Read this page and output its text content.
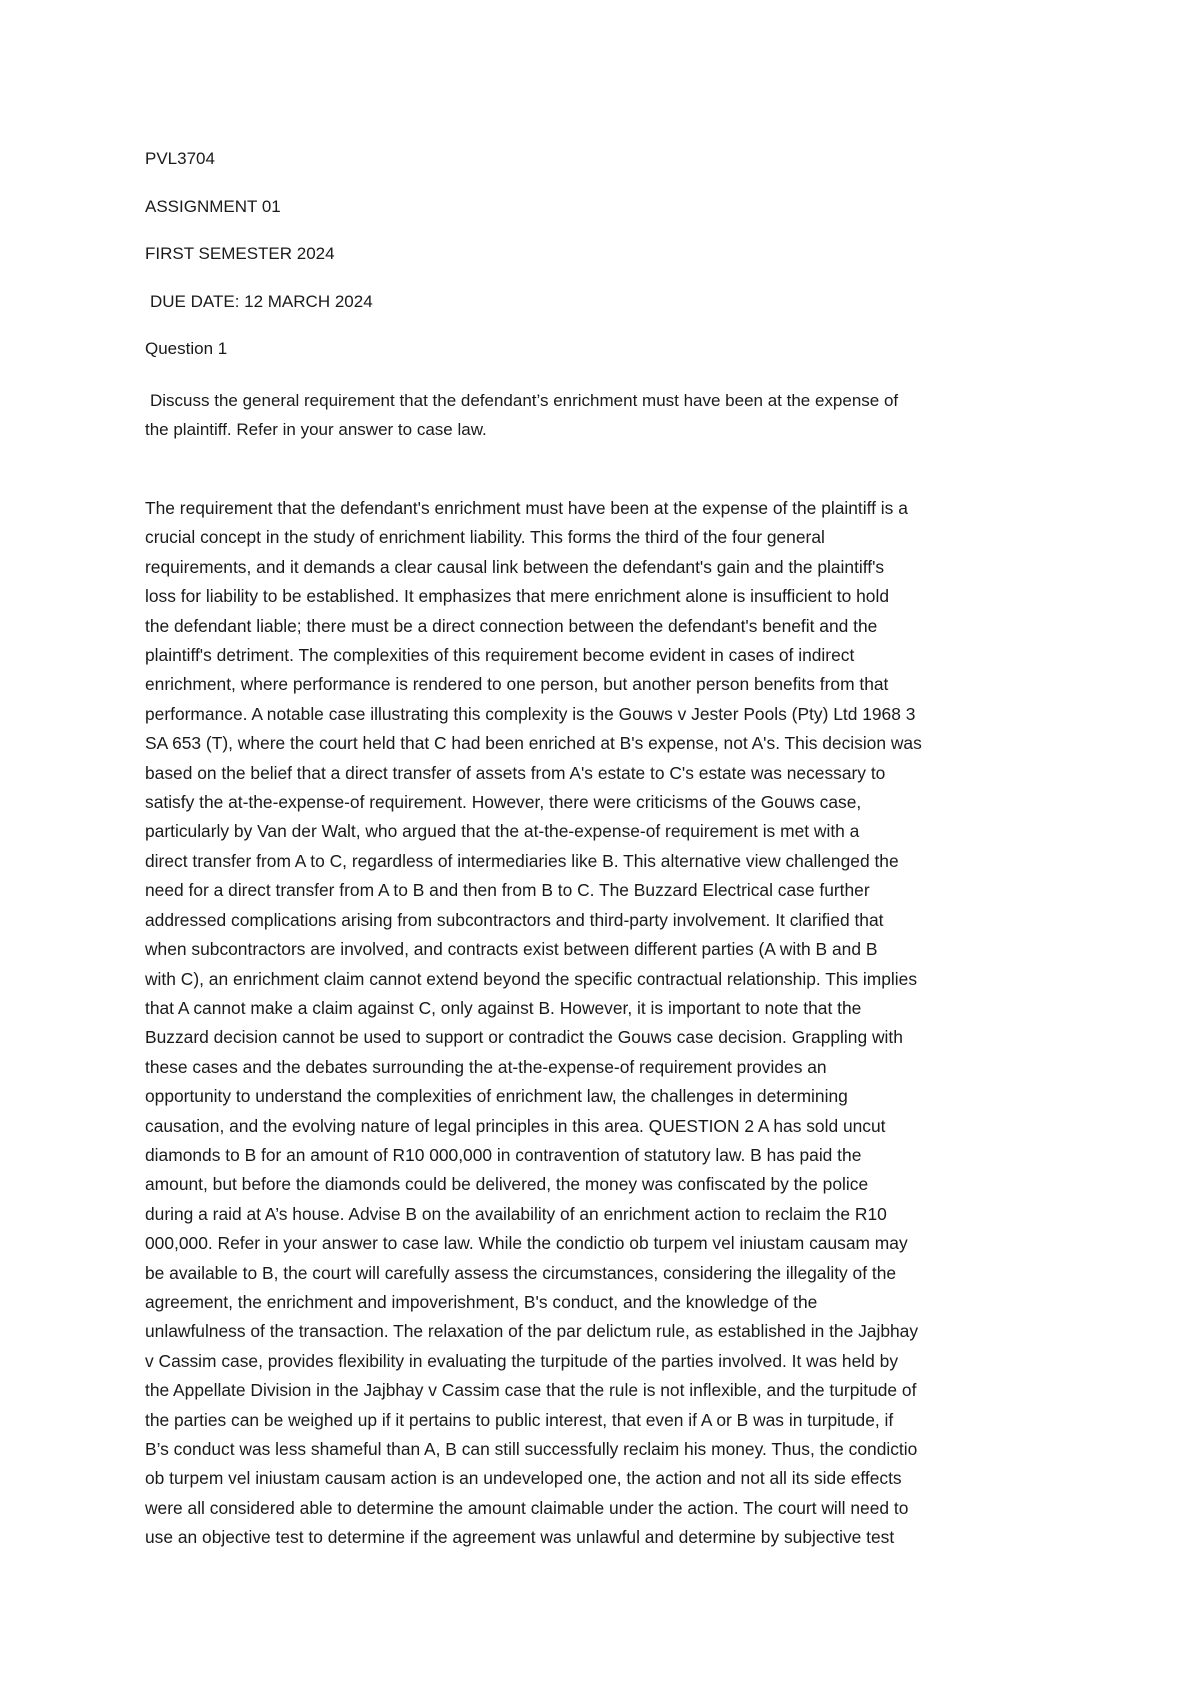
PVL3704

ASSIGNMENT 01

FIRST SEMESTER 2024

DUE DATE: 12 MARCH 2024

Question 1

Discuss the general requirement that the defendant’s enrichment must have been at the expense of
the plaintiff. Refer in your answer to case law.
The requirement that the defendant's enrichment must have been at the expense of the plaintiff is a
crucial concept in the study of enrichment liability. This forms the third of the four general
requirements, and it demands a clear causal link between the defendant's gain and the plaintiff's
loss for liability to be established. It emphasizes that mere enrichment alone is insufficient to hold
the defendant liable; there must be a direct connection between the defendant's benefit and the
plaintiff's detriment. The complexities of this requirement become evident in cases of indirect
enrichment, where performance is rendered to one person, but another person benefits from that
performance. A notable case illustrating this complexity is the Gouws v Jester Pools (Pty) Ltd 1968 3
SA 653 (T), where the court held that C had been enriched at B's expense, not A's. This decision was
based on the belief that a direct transfer of assets from A's estate to C's estate was necessary to
satisfy the at-the-expense-of requirement. However, there were criticisms of the Gouws case,
particularly by Van der Walt, who argued that the at-the-expense-of requirement is met with a
direct transfer from A to C, regardless of intermediaries like B. This alternative view challenged the
need for a direct transfer from A to B and then from B to C. The Buzzard Electrical case further
addressed complications arising from subcontractors and third-party involvement. It clarified that
when subcontractors are involved, and contracts exist between different parties (A with B and B
with C), an enrichment claim cannot extend beyond the specific contractual relationship. This implies
that A cannot make a claim against C, only against B. However, it is important to note that the
Buzzard decision cannot be used to support or contradict the Gouws case decision. Grappling with
these cases and the debates surrounding the at-the-expense-of requirement provides an
opportunity to understand the complexities of enrichment law, the challenges in determining
causation, and the evolving nature of legal principles in this area. QUESTION 2 A has sold uncut
diamonds to B for an amount of R10 000,000 in contravention of statutory law. B has paid the
amount, but before the diamonds could be delivered, the money was confiscated by the police
during a raid at A’s house. Advise B on the availability of an enrichment action to reclaim the R10
000,000. Refer in your answer to case law. While the condictio ob turpem vel iniustam causam may
be available to B, the court will carefully assess the circumstances, considering the illegality of the
agreement, the enrichment and impoverishment, B's conduct, and the knowledge of the
unlawfulness of the transaction. The relaxation of the par delictum rule, as established in the Jajbhay
v Cassim case, provides flexibility in evaluating the turpitude of the parties involved. It was held by
the Appellate Division in the Jajbhay v Cassim case that the rule is not inflexible, and the turpitude of
the parties can be weighed up if it pertains to public interest, that even if A or B was in turpitude, if
B’s conduct was less shameful than A, B can still successfully reclaim his money. Thus, the condictio
ob turpem vel iniustam causam action is an undeveloped one, the action and not all its side effects
were all considered able to determine the amount claimable under the action. The court will need to
use an objective test to determine if the agreement was unlawful and determine by subjective test
